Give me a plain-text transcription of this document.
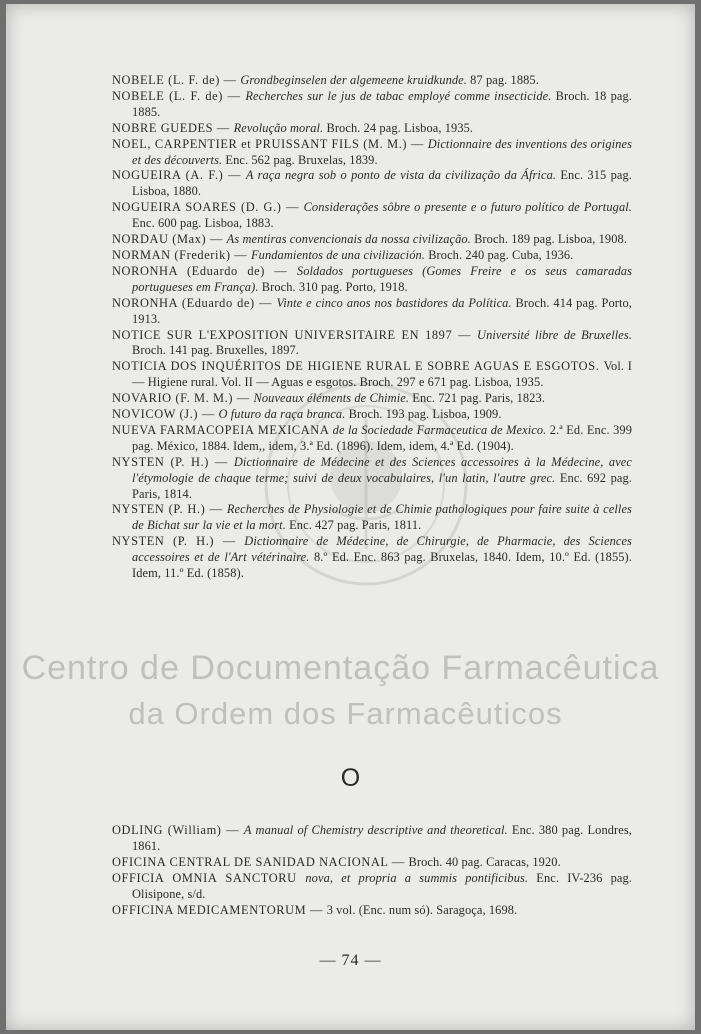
Centro de Documentação Farmacêutica
da Ordem dos Farmacêuticos
NOBELE (L. F. de) — Grondbeginselen der algemeene kruidkunde. 87 pag. 1885.
NOBELE (L. F. de) — Recherches sur le jus de tabac employé comme insecticide. Broch. 18 pag. 1885.
NOBRE GUEDES — Revolução moral. Broch. 24 pag. Lisboa, 1935.
NOEL, CARPENTIER et PRUISSANT FILS (M. M.) — Dictionnaire des inventions des origines et des découverts. Enc. 562 pag. Bruxelas, 1839.
NOGUEIRA (A. F.) — A raça negra sob o ponto de vista da civilização da África. Enc. 315 pag. Lisboa, 1880.
NOGUEIRA SOARES (D. G.) — Considerações sôbre o presente e o futuro político de Portugal. Enc. 600 pag. Lisboa, 1883.
NORDAU (Max) — As mentiras convencionais da nossa civilização. Broch. 189 pag. Lisboa, 1908.
NORMAN (Frederik) — Fundamientos de una civilización. Broch. 240 pag. Cuba, 1936.
NORONHA (Eduardo de) — Soldados portugueses (Gomes Freire e os seus camaradas portugueses em França). Broch. 310 pag. Porto, 1918.
NORONHA (Eduardo de) — Vinte e cinco anos nos bastidores da Política. Broch. 414 pag. Porto, 1913.
NOTICE SUR L'EXPOSITION UNIVERSITAIRE EN 1897 — Université libre de Bruxelles. Broch. 141 pag. Bruxelles, 1897.
NOTICIA DOS INQUÉRITOS DE HIGIENE RURAL E SOBRE AGUAS E ESGOTOS. Vol. I — Higiene rural. Vol. II — Aguas e esgotos. Broch. 297 e 671 pag. Lisboa, 1935.
NOVARIO (F. M. M.) — Nouveaux éléments de Chimie. Enc. 721 pag. Paris, 1823.
NOVICOW (J.) — O futuro da raça branca. Broch. 193 pag. Lisboa, 1909.
NUEVA FARMACOPEIA MEXICANA de la Sociedade Farmaceutica de Mexico. 2.ª Ed. Enc. 399 pag. México, 1884. Idem,, idem, 3.ª Ed. (1896). Idem, idem, 4.ª Ed. (1904).
NYSTEN (P. H.) — Dictionnaire de Médecine et des Sciences accessoires à la Médecine, avec l'étymologie de chaque terme; suivi de deux vocabulaires, l'un latin, l'autre grec. Enc. 692 pag. Paris, 1814.
NYSTEN (P. H.) — Recherches de Physiologie et de Chimie pathologiques pour faire suite à celles de Bichat sur la vie et la mort. Enc. 427 pag. Paris, 1811.
NYSTEN (P. H.) — Dictionnaire de Médecine, de Chirurgie, de Pharmacie, des Sciences accessoires et de l'Art vétérinaire. 8.º Ed. Enc. 863 pag. Bruxelas, 1840. Idem, 10.º Ed. (1855). Idem, 11.º Ed. (1858).
O
ODLING (William) — A manual of Chemistry descriptive and theoretical. Enc. 380 pag. Londres, 1861.
OFICINA CENTRAL DE SANIDAD NACIONAL — Broch. 40 pag. Caracas, 1920.
OFFICIA OMNIA SANCTORU nova, et propria a summis pontificibus. Enc. IV-236 pag. Olisipone, s/d.
OFFICINA MEDICAMENTORUM — 3 vol. (Enc. num só). Saragoça, 1698.
— 74 —
